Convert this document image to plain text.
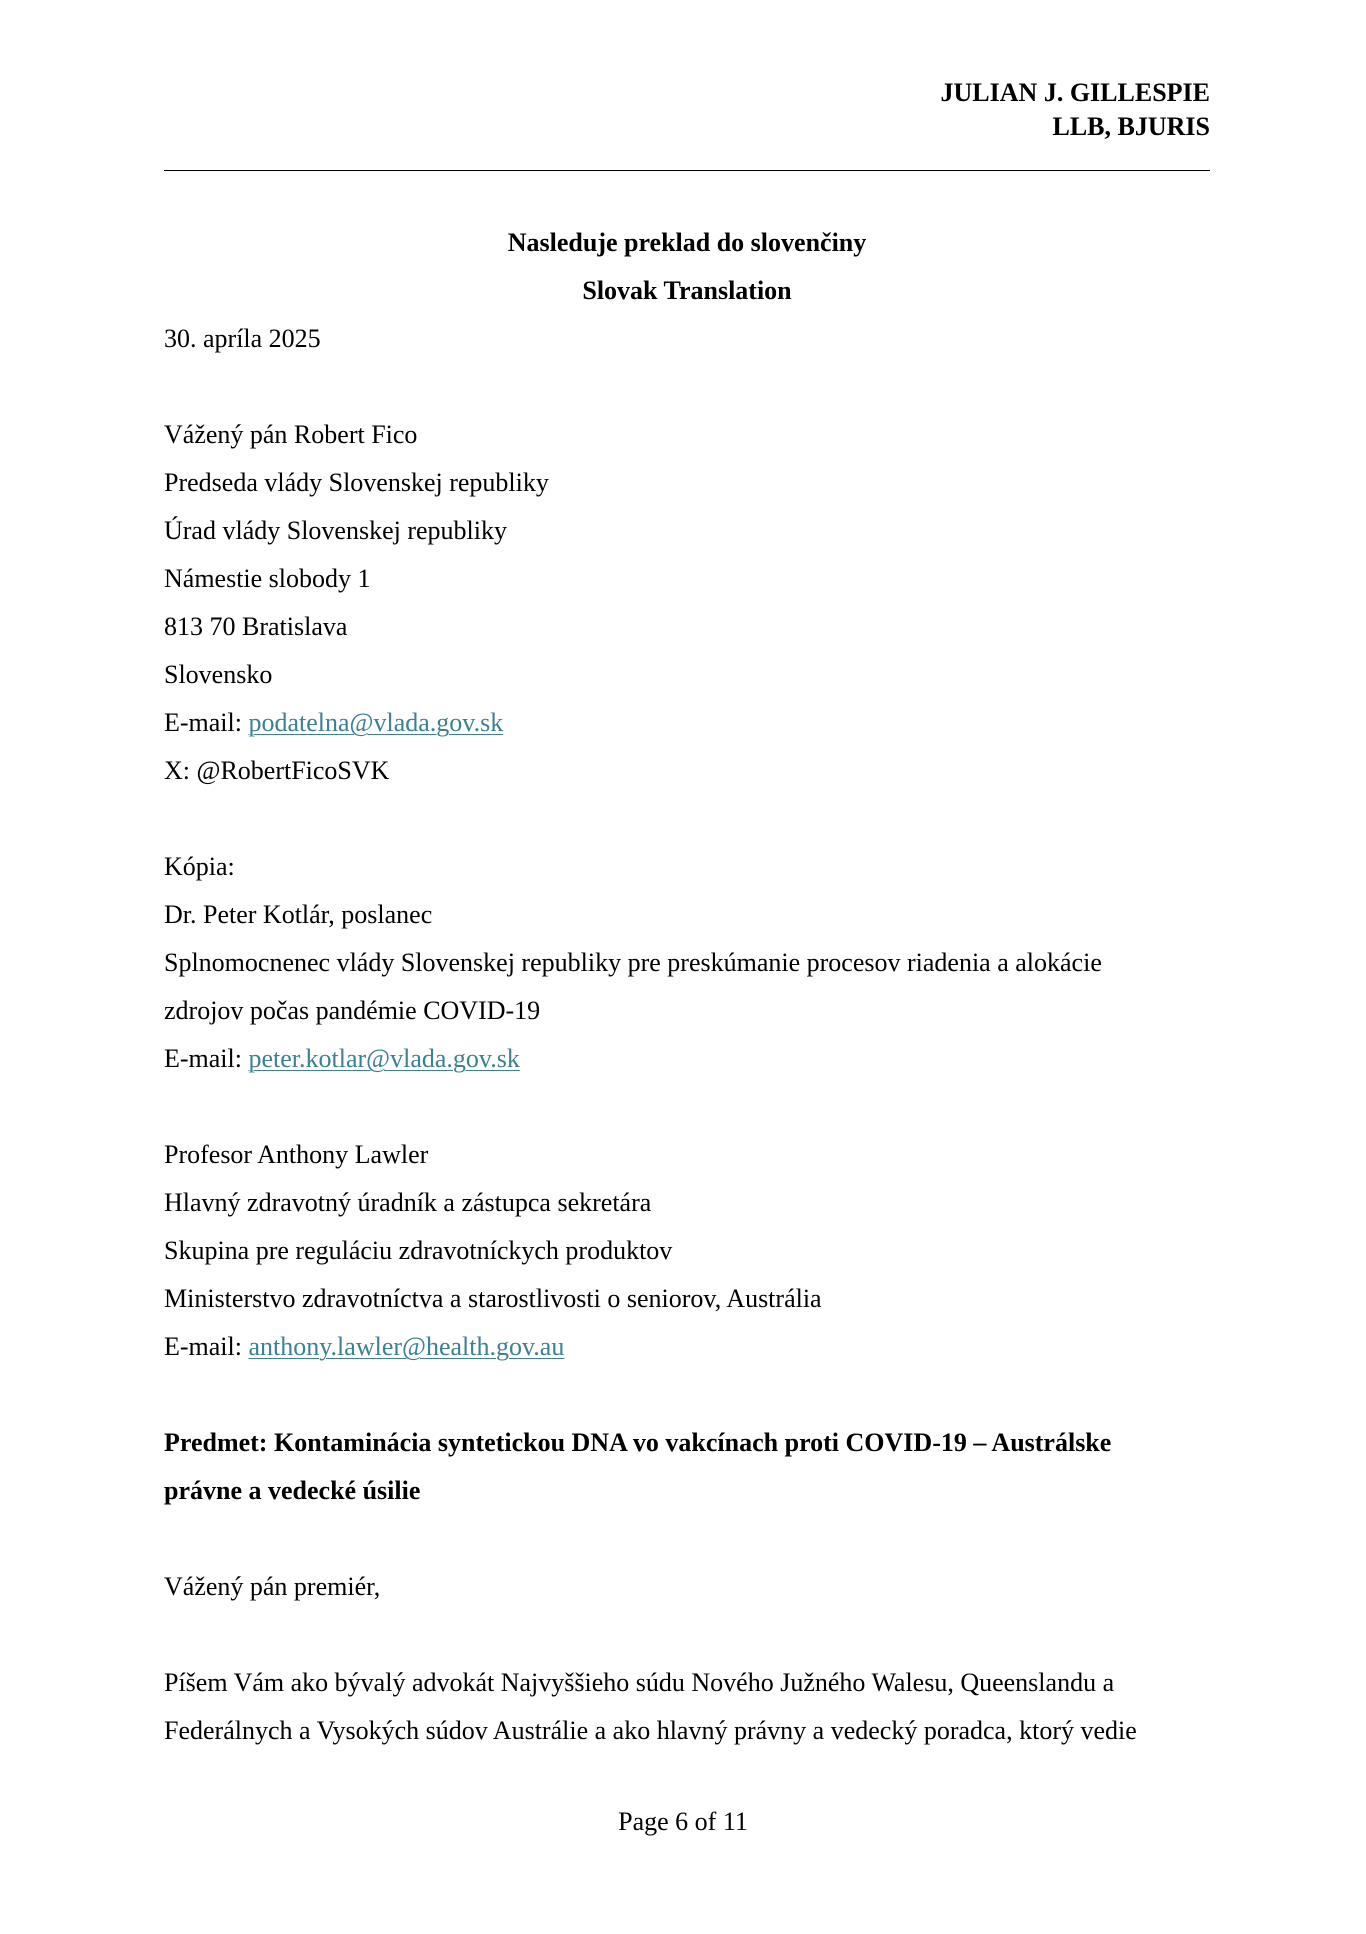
JULIAN J. GILLESPIE
LLB, BJURIS
Nasleduje preklad do slovenčiny
Slovak Translation
30. apríla 2025
Vážený pán Robert Fico
Predseda vlády Slovenskej republiky
Úrad vlády Slovenskej republiky
Námestie slobody 1
813 70 Bratislava
Slovensko
E-mail: podatelna@vlada.gov.sk
X: @RobertFicoSVK
Kópia:
Dr. Peter Kotlár, poslanec
Splnomocnenec vlády Slovenskej republiky pre preskúmanie procesov riadenia a alokácie
zdrojov počas pandémie COVID-19
E-mail: peter.kotlar@vlada.gov.sk
Profesor Anthony Lawler
Hlavný zdravotný úradník a zástupca sekretára
Skupina pre reguláciu zdravotníckych produktov
Ministerstvo zdravotníctva a starostlivosti o seniorov, Austrália
E-mail: anthony.lawler@health.gov.au
Predmet: Kontaminácia syntetickou DNA vo vakcínach proti COVID-19 – Austrálske
právne a vedecké úsilie
Vážený pán premiér,
Píšem Vám ako bývalý advokát Najvyššieho súdu Nového Južného Walesu, Queenslandu a
Federálnych a Vysokých súdov Austrálie a ako hlavný právny a vedecký poradca, ktorý vedie
Page 6 of 11
